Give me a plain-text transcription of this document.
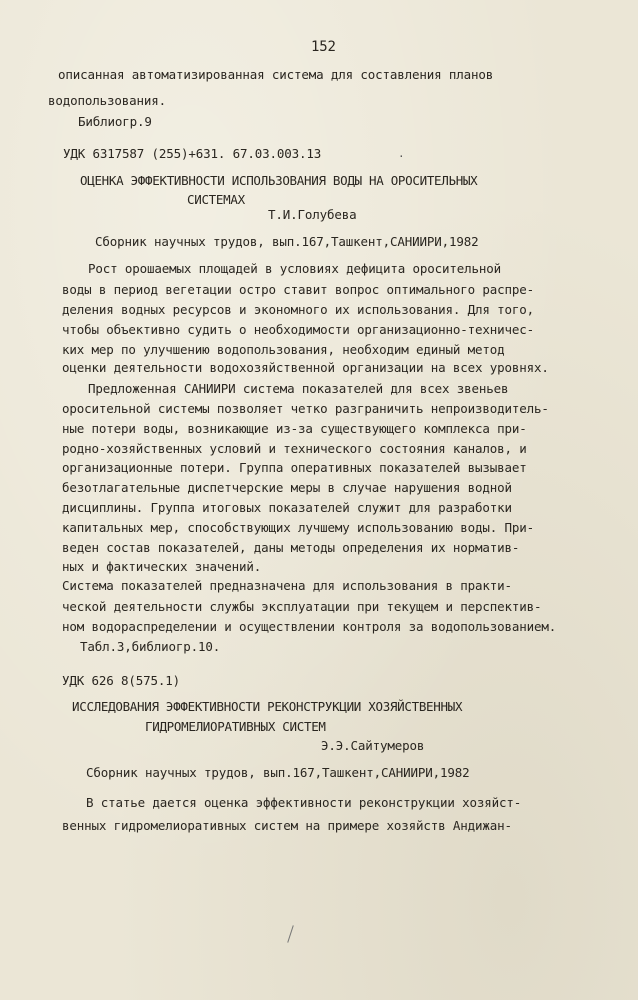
152
описанная автоматизированная система для составления планов
водопользования.
Библиогр.9
УДК 6317587 (255)+631. 67.03.003.13	·
ОЦЕНКА ЭФФЕКТИВНОСТИ ИСПОЛЬЗОВАНИЯ ВОДЫ НА ОРОСИТЕЛЬНЫХ
СИСТЕМАХ
Т.И.Голубева
Сборник научных трудов, вып.167,Ташкент,САНИИРИ,1982
Рост орошаемых площадей в условиях дефицита оросительной
воды в период вегетации остро ставит вопрос оптимального распре-
деления водных ресурсов и экономного их использования. Для того,
чтобы объективно судить о необходимости организационно-техничес-
ких мер по улучшению водопользования, необходим единый метод
оценки деятельности водохозяйственной организации на всех уровнях.
Предложенная САНИИРИ система показателей для всех звеньев
оросительной системы позволяет четко разграничить непроизводитель-
ные потери воды, возникающие из-за существующего комплекса при-
родно-хозяйственных условий и технического состояния каналов, и
организационные потери. Группа оперативных показателей вызывает
безотлагательные диспетчерские меры в случае нарушения водной
дисциплины. Группа итоговых показателей служит для разработки
капитальных мер, способствующих лучшему использованию воды. При-
веден состав показателей, даны методы определения их норматив-
ных и фактических значений.
Система показателей предназначена для использования в практи-
ческой деятельности службы эксплуатации при текущем и перспектив-
ном водораспределении и осуществлении контроля за водопользованием.
Табл.3,библиогр.10.
УДК 626 8(575.1)
ИССЛЕДОВАНИЯ ЭФФЕКТИВНОСТИ РЕКОНСТРУКЦИИ ХОЗЯЙСТВЕННЫХ
ГИДРОМЕЛИОРАТИВНЫХ СИСТЕМ
Э.Э.Сайтумеров
Сборник научных трудов, вып.167,Ташкент,САНИИРИ,1982
В статье дается оценка эффективности реконструкции хозяйст-
венных гидромелиоративных систем на примере хозяйств Андижан-
